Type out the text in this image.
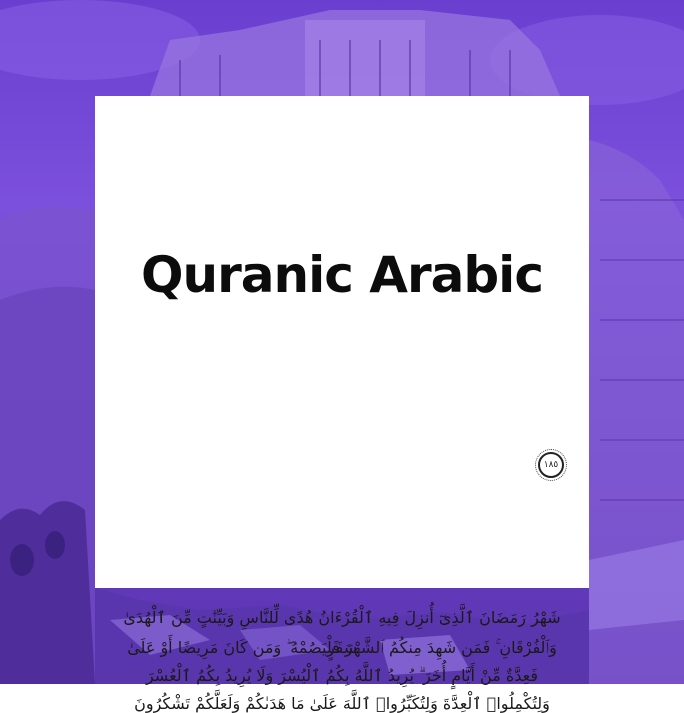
Quranic Arabic
وَلِتُكْمِلُوا۟ ٱلْعِدَّةَ وَلِتُكَبِّرُوا۟ ٱللَّهَ عَلَىٰ مَا هَدَىٰكُمْ وَلَعَلَّكُمْ تَشْكُرُونَ
١٨٥
